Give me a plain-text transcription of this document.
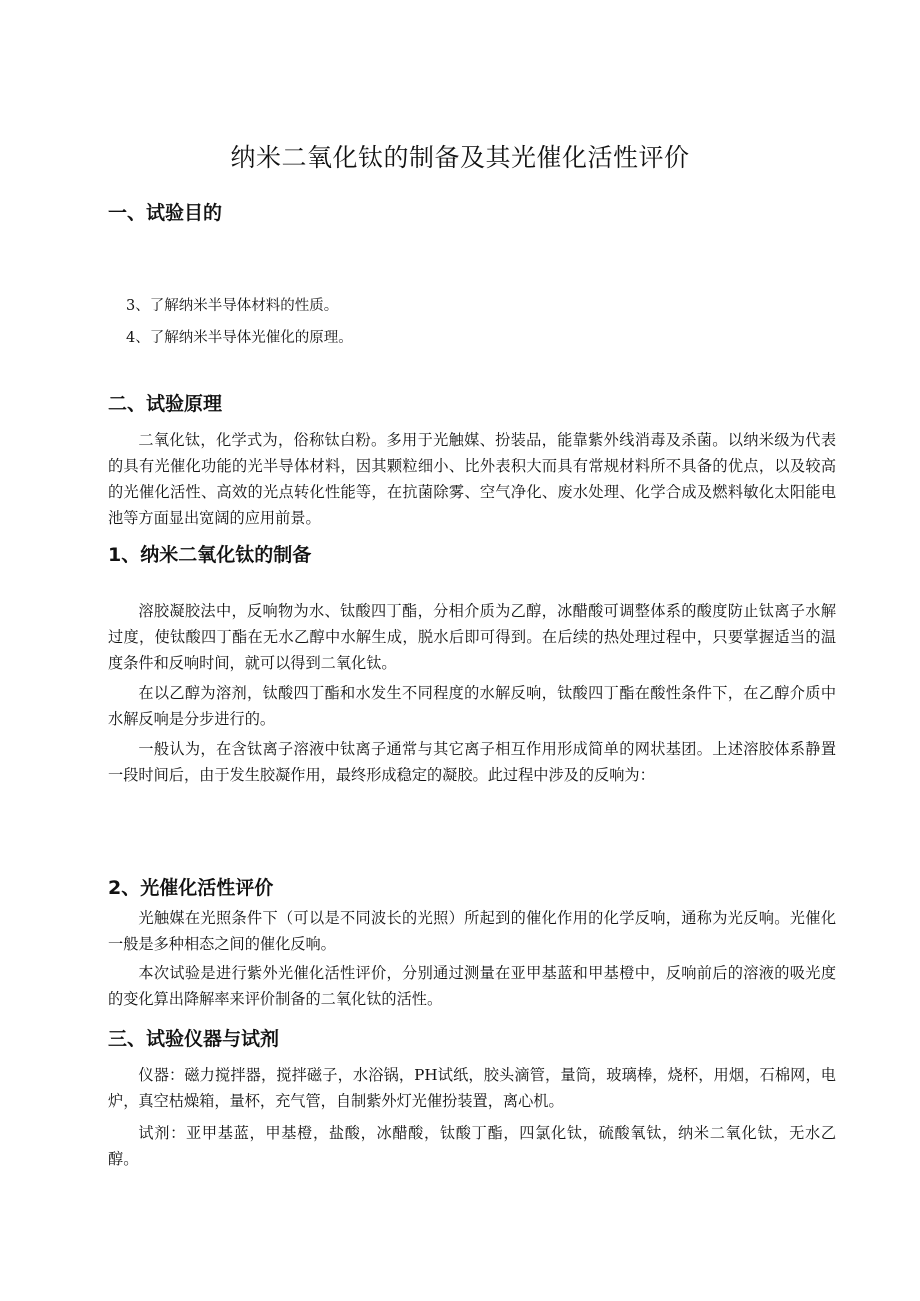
纳米二氧化钛的制备及其光催化活性评价
一、试验目的

3、了解纳米半导体材料的性质。

4、了解纳米半导体光催化的原理。

二、试验原理

二氧化钛，化学式为，俗称钛白粉。多用于光触媒、扮装品，能靠紫外线消毒及杀菌。以纳米级为代表的具有光催化功能的光半导体材料，因其颗粒细小、比外表积大而具有常规材料所不具备的优点，以及较高的光催化活性、高效的光点转化性能等，在抗菌除雾、空气净化、废水处理、化学合成及燃料敏化太阳能电池等方面显出宽阔的应用前景。

1、纳米二氧化钛的制备

溶胶凝胶法中，反响物为水、钛酸四丁酯，分相介质为乙醇，冰醋酸可调整体系的酸度防止钛离子水解过度，使钛酸四丁酯在无水乙醇中水解生成，脱水后即可得到。在后续的热处理过程中，只要掌握适当的温度条件和反响时间，就可以得到二氧化钛。

在以乙醇为溶剂，钛酸四丁酯和水发生不同程度的水解反响，钛酸四丁酯在酸性条件下，在乙醇介质中水解反响是分步进行的。

一般认为，在含钛离子溶液中钛离子通常与其它离子相互作用形成简单的网状基团。上述溶胶体系静置一段时间后，由于发生胶凝作用，最终形成稳定的凝胶。此过程中涉及的反响为：

2、光催化活性评价

光触媒在光照条件下（可以是不同波长的光照）所起到的催化作用的化学反响，通称为光反响。光催化一般是多种相态之间的催化反响。

本次试验是进行紫外光催化活性评价，分别通过测量在亚甲基蓝和甲基橙中，反响前后的溶液的吸光度的变化算出降解率来评价制备的二氧化钛的活性。

三、试验仪器与试剂

仪器：磁力搅拌器，搅拌磁子，水浴锅，PH试纸，胶头滴管，量筒，玻璃棒，烧杯，用烟，石棉网，电炉，真空枯燥箱，量杯，充气管，自制紫外灯光催扮装置，离心机。

试剂：亚甲基蓝，甲基橙，盐酸，冰醋酸，钛酸丁酯，四氯化钛，硫酸氧钛，纳米二氧化钛，无水乙醇。
